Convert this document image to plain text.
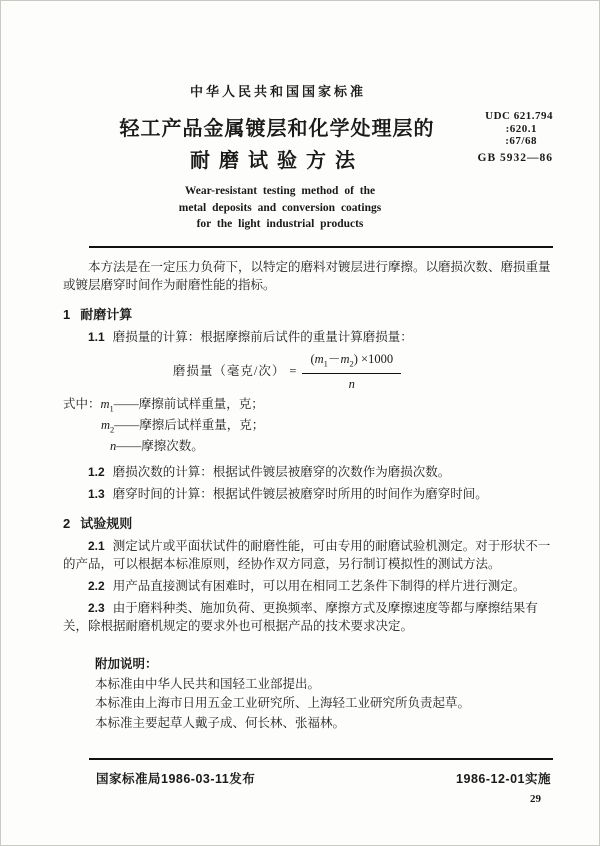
中华人民共和国国家标准
轻工产品金属镀层和化学处理层的
耐磨试验方法
UDC 621.794
:620.1
:67/68
GB 5932—86
Wear-resistant testing method of the
metal deposits and conversion coatings
for the light industrial products

本方法是在一定压力负荷下，以特定的磨料对镀层进行摩擦。以磨损次数、磨损重量或镀层磨穿时间作为耐磨性能的指标。

1 耐磨计算
1.1 磨损量的计算：根据摩擦前后试件的重量计算磨损量：
磨损量（毫克/次） = $\frac{(m_1-m_2) \times 1000}{n}$
式中：$m_1——$摩擦前试样重量，克；
$m_2——$摩擦后试样重量，克；
n——摩擦次数。
1.2 磨损次数的计算：根据试件镀层被磨穿的次数作为磨损次数。
1.3 磨穿时间的计算：根据试件镀层被磨穿时所用的时间作为磨穿时间。
2 试验规则
2.1 测定试片或平面状试件的耐磨性能，可由专用的耐磨试验机测定。对于形状不一的产品，可以根据本标准原则，经协作双方同意，另行制订模拟性的测试方法。
2.2 用产品直接测试有困难时，可以用在相同工艺条件下制得的样片进行测定。
2.3 由于磨料种类、施加负荷、更换频率、摩擦方式及摩擦速度等都与摩擦结果有关，除根据耐磨机规定的要求外也可根据产品的技术要求决定。
附加说明：
本标准由中华人民共和国轻工业部提出。
本标准由上海市日用五金工业研究所、上海轻工业研究所负责起草。
本标准主要起草人戴子成、何长林、张福林。
国家标准局1986-03-11发布	1986-12-01实施
29
